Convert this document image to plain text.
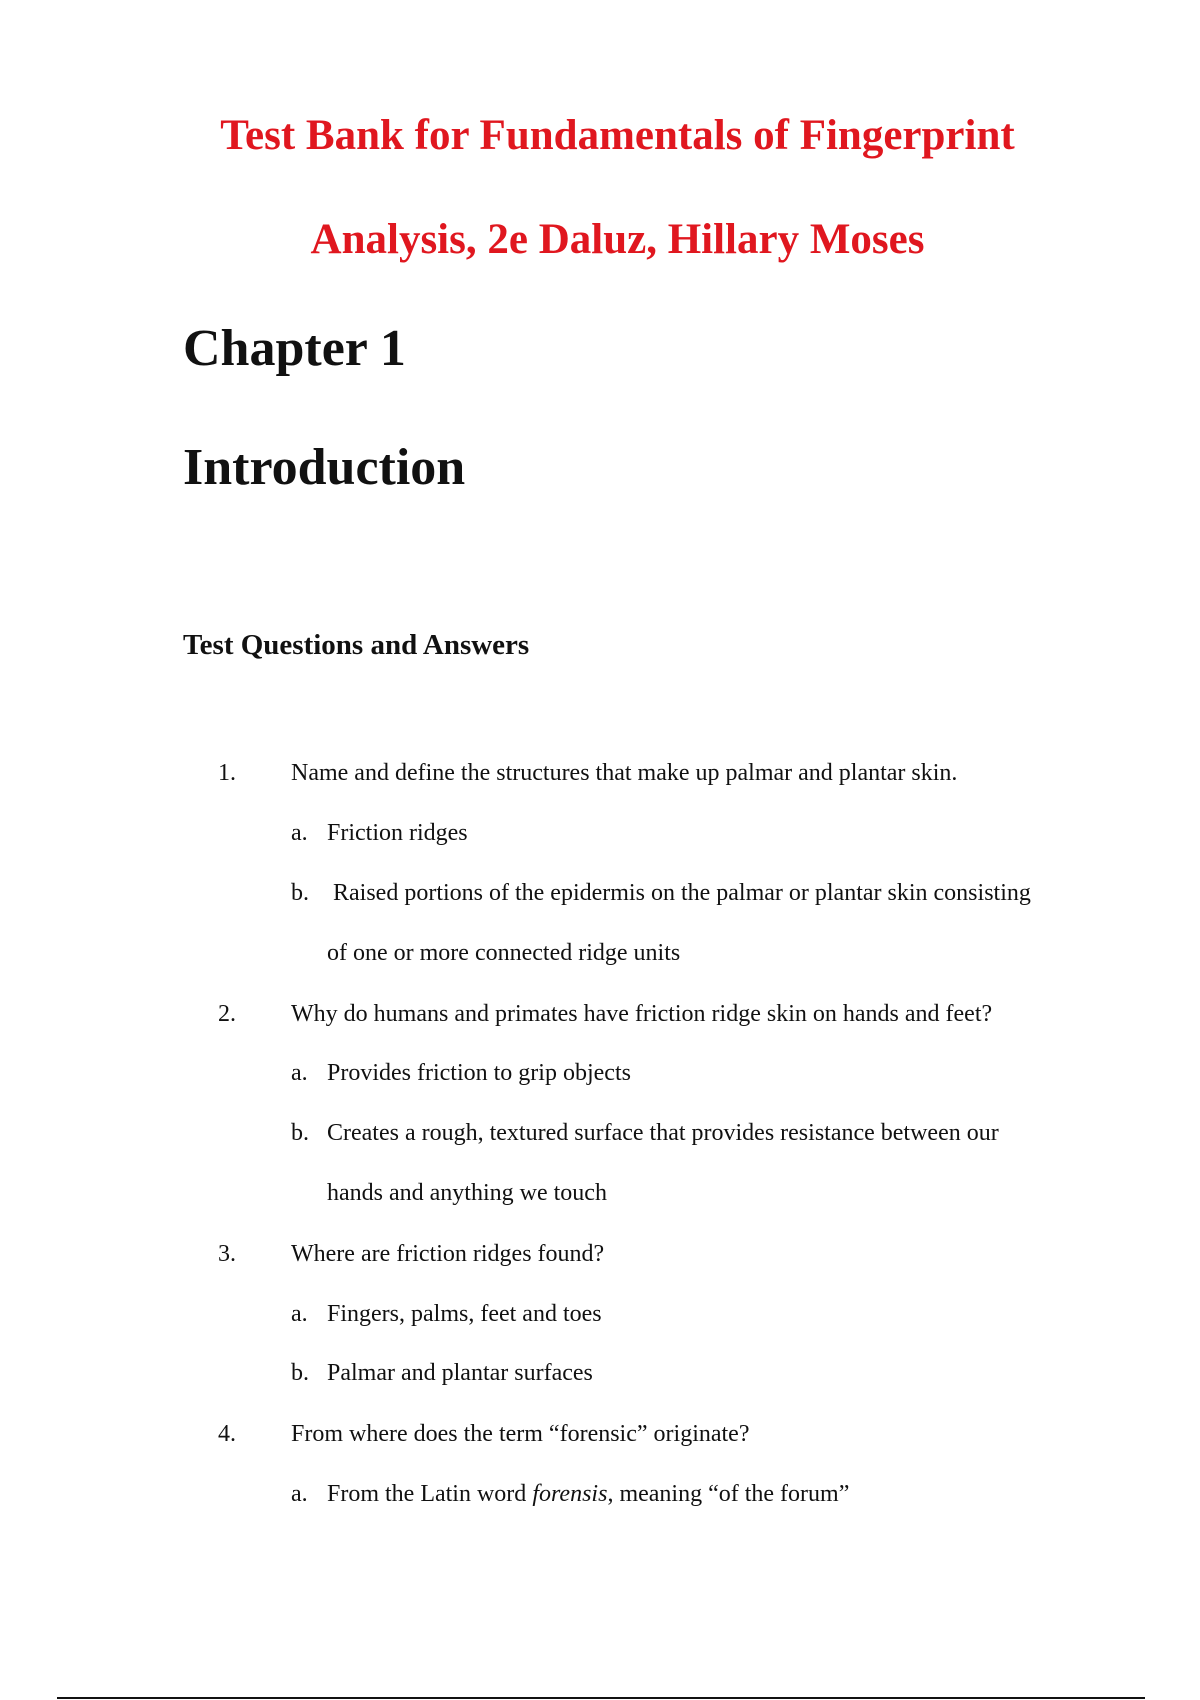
Test Bank for Fundamentals of Fingerprint
Analysis, 2e Daluz, Hillary Moses
Chapter 1
Introduction
Test Questions and Answers
1. Name and define the structures that make up palmar and plantar skin.
a. Friction ridges
b. Raised portions of the epidermis on the palmar or plantar skin consisting
of one or more connected ridge units
2. Why do humans and primates have friction ridge skin on hands and feet?
a. Provides friction to grip objects
b. Creates a rough, textured surface that provides resistance between our
hands and anything we touch
3. Where are friction ridges found?
a. Fingers, palms, feet and toes
b. Palmar and plantar surfaces
4. From where does the term “forensic” originate?
a. From the Latin word forensis, meaning “of the forum”
